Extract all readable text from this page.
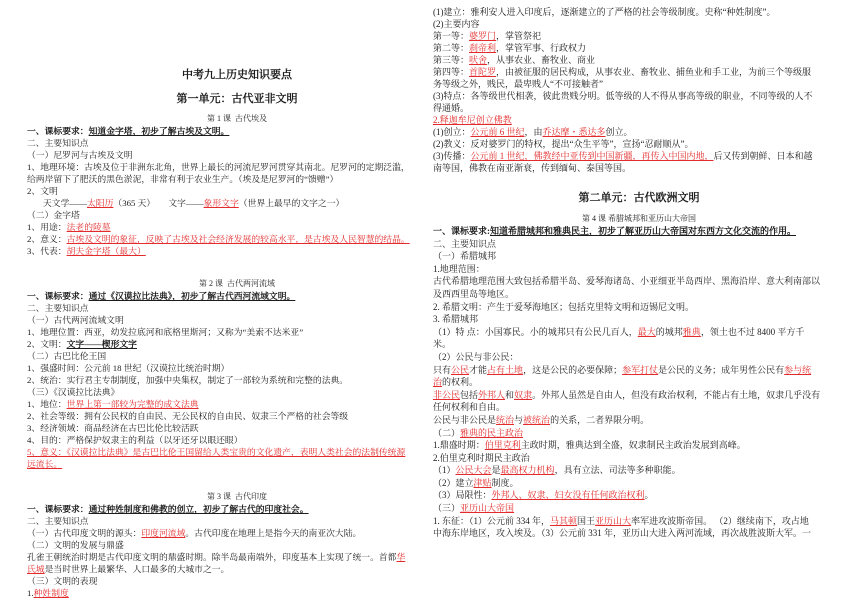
中考九上历史知识要点
第一单元：古代亚非文明
第 1 课  古代埃及
一、课标要求：知道金字塔，初步了解古埃及文明。
二、主要知识点
（一）尼罗河与古埃及文明
1、地理环境：古埃及位于非洲东北角，世界上最长的河流尼罗河贯穿其南北。尼罗河的定期泛滥，
给两岸留下了肥沃的黑色淤泥，非常有利于农业生产。（埃及是尼罗河的“馈赠”）
2、文明
天文学——太阳历（365 天）      文字——象形文字（世界上最早的文字之一）
（二）金字塔
1、用途：法老的陵墓
2、意义：古埃及文明的象征，反映了古埃及社会经济发展的较高水平，是古埃及人民智慧的结晶。
3、代表：胡夫金字塔（最大）
第 2 课  古代两河流域
一、课标要求：通过《汉谟拉比法典》，初步了解古代西河流域文明。
二、主要知识点
（一）古代两河流域文明
1、地理位置：西亚，幼发拉底河和底格里斯河；又称为“美索不达米亚”
2、文明：文字——楔形文字
（二）古巴比伦王国
1、强盛时间：公元前 18 世纪（汉谟拉比统治时期）
2、统治：实行君主专制制度，加强中央集权，制定了一部较为系统和完整的法典。
（三）《汉谟拉比法典》
1、地位：世界上第一部较为完整的成文法典
2、社会等级：拥有公民权的自由民、无公民权的自由民、奴隶三个严格的社会等级
3、经济领域：商品经济在古巴比伦比较活跃
4、目的：严格保护奴隶主的利益（以牙还牙以眼还眼）
5、意义：《汉谟拉比法典》是古巴比伦王国留给人类宝贵的文化遗产，表明人类社会的法制传统源
远流长。
第 3 课  古代印度
一、课标要求：通过种姓制度和佛教的创立，初步了解古代的印度社会。
二、主要知识点
（一）古代印度文明的源头：印度河流域。古代印度在地理上是指今天的南亚次大陆。
（二）文明的发展与鼎盛
孔雀王朝统治时期是古代印度文明的鼎盛时期。除半岛最南端外，印度基本上实现了统一。首都华
氏城是当时世界上最繁华、人口最多的大城市之一。
（三）文明的表现
1.种姓制度
(1)建立：雅利安人进入印度后，逐渐建立的了严格的社会等级制度。史称“种姓制度”。
(2)主要内容
第一等：婆罗门，掌管祭祀
第二等：刹帝利，掌管军事、行政权力
第三等：吠舍，从事农业、畜牧业、商业
第四等：首陀罗，由被征服的居民构成，从事农业、畜牧业、捕鱼业和手工业，为前三个等级服
务等级之外，贱民，最卑贱人“不可接触者”
(3)特点：各等级世代相袭，彼此贵贱分明。低等级的人不得从事高等级的职业，不同等级的人不
得通婚。
2.释迦牟尼创立佛教
(1)创立：公元前 6 世纪，由乔达摩・悉达多创立。
(2)教义：反对婆罗门的特权，提出“众生平等”，宣扬“忍耐顺从”。
(3)传播：公元前 1 世纪，佛教经中亚传到中国新疆，再传入中国内地，后又传到朝鲜、日本和越
南等国，佛教在南亚渐衰，传到缅甸、泰国等国。
第二单元：古代欧洲文明
第 4 课 希腊城邦和亚历山大帝国
一、课标要求:知道希腊城邦和雅典民主，初步了解亚历山大帝国对东西方文化交流的作用。
二、主要知识点
（一）希腊城邦
1.地理范围：
古代希腊地理范围大致包括希腊半岛、爱琴海诸岛、小亚细亚半岛西岸、黑海沿岸、意大利南部以
及西西里岛等地区。
2. 希腊文明：产生于爱琴海地区；包括克里特文明和迈锡尼文明。
3. 希腊城邦
（1）特 点：小国寡民。小的城邦只有公民几百人，最大的城邦雅典，领土也不过 8400 平方千
米。
（2）公民与非公民：
只有公民才能占有土地，这是公民的必要保障；参军打仗是公民的义务；成年男性公民有参与统
治的权利。
非公民包括外邦人和奴隶。外邦人虽然是自由人，但没有政治权利，不能占有土地，奴隶几乎没有
任何权利和自由。
公民与非公民是统治与被统治的关系，二者界限分明。
（二）雅典的民主政治
1.鼎盛时期：伯里克利主政时期，雅典达到全盛，奴隶制民主政治发展到高峰。
2.伯里克利时期民主政治
（1）公民大会是最高权力机构，具有立法、司法等多种职能。
（2）建立津贴制度。
（3）局限性：外邦人、奴隶、妇女没有任何政治权利。
（三）亚历山大帝国
1. 东征：（1）公元前 334 年，马其顿国王亚历山大率军进攻波斯帝国。 （2）继续南下，攻占地
中海东岸地区，攻入埃及。（3）公元前 331 年，亚历山大进入两河流域，再次战胜波斯大军。一
